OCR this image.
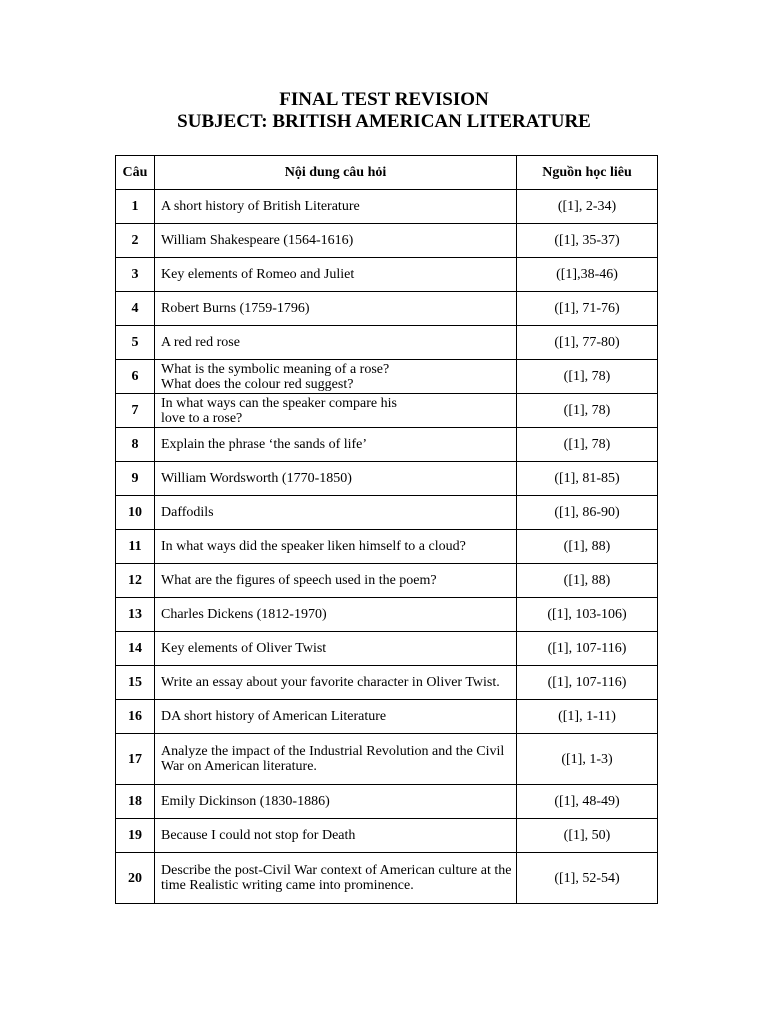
FINAL TEST REVISION
SUBJECT: BRITISH AMERICAN LITERATURE
Câu	Nội dung câu hỏi	Nguồn học liêu
1	A short history of British Literature	([1], 2-34)
2	William Shakespeare (1564-1616)	([1], 35-37)
3	Key elements of Romeo and Juliet	([1],38-46)
4	Robert Burns (1759-1796)	([1], 71-76)
5	A red red rose	([1], 77-80)
6	What is the symbolic meaning of a rose?
What does the colour red suggest?	([1], 78)
7	In what ways can the speaker compare his
love to a rose?	([1], 78)
8	Explain the phrase ‘the sands of life’	([1], 78)
9	William Wordsworth (1770-1850)	([1], 81-85)
10	Daffodils	([1], 86-90)
11	In what ways did the speaker liken himself to a cloud?	([1], 88)
12	What are the figures of speech used in the poem?	([1], 88)
13	Charles Dickens (1812-1970)	([1], 103-106)
14	Key elements of Oliver Twist	([1], 107-116)
15	Write an essay about your favorite character in Oliver Twist.	([1], 107-116)
16	DA short history of American Literature	([1], 1-11)
17	Analyze the impact of the Industrial Revolution and the Civil War on American literature.	([1], 1-3)
18	Emily Dickinson (1830-1886)	([1], 48-49)
19	Because I could not stop for Death	([1], 50)
20	Describe the post-Civil War context of American culture at the time Realistic writing came into prominence.	([1], 52-54)
